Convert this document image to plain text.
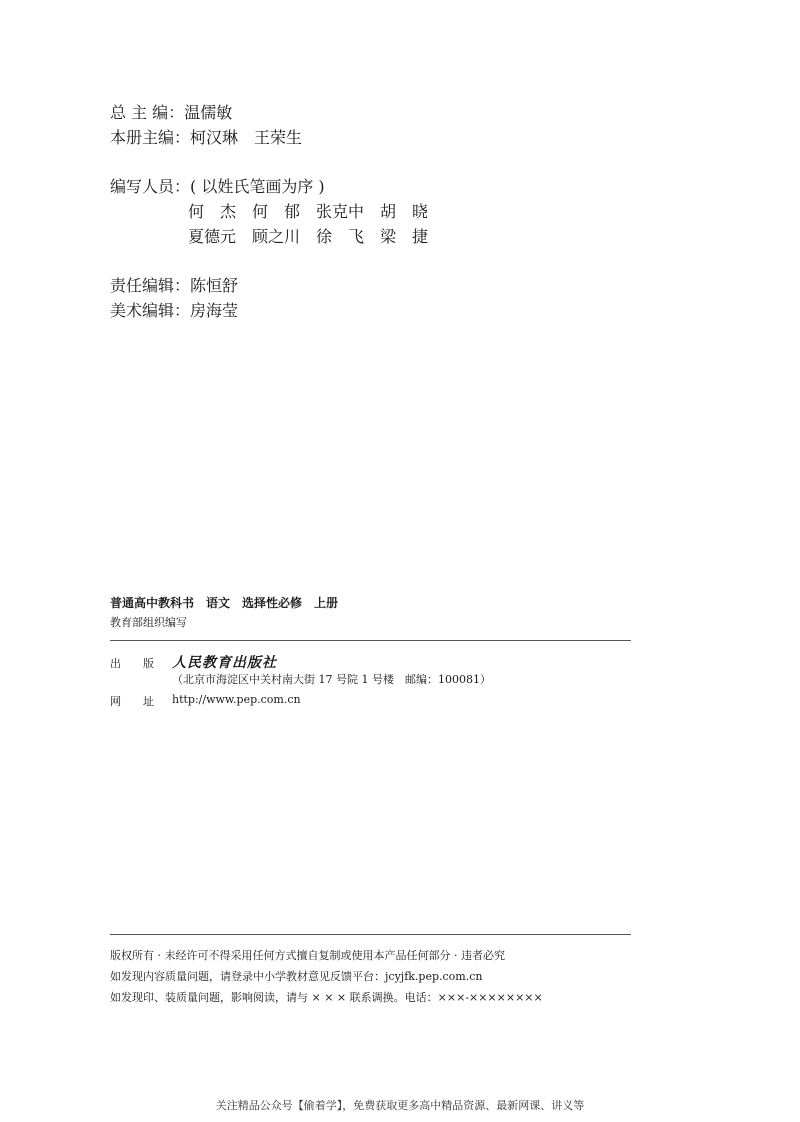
总 主 编：温儒敏
本册主编：柯汉琳　王荣生
编写人员：( 以姓氏笔画为序 )
何　杰　何　郁　张克中　胡　晓
夏德元　顾之川　徐　飞　梁　捷
责任编辑：陈恒舒
美术编辑：房海莹
普通高中教科书　语文　选择性必修　上册
教育部组织编写
出　　版 人民教育出版社
（北京市海淀区中关村南大街 17 号院 1 号楼　邮编：100081）
网　　址 http://www.pep.com.cn
版权所有 · 未经许可不得采用任何方式擅自复制或使用本产品任何部分 · 违者必究
如发现内容质量问题，请登录中小学教材意见反馈平台：jcyjfk.pep.com.cn
如发现印、装质量问题，影响阅读，请与 × × × 联系调换。电话：×××-××××××××
关注精品公众号【偷着学】，免费获取更多高中精品资源、最新网课、讲义等
